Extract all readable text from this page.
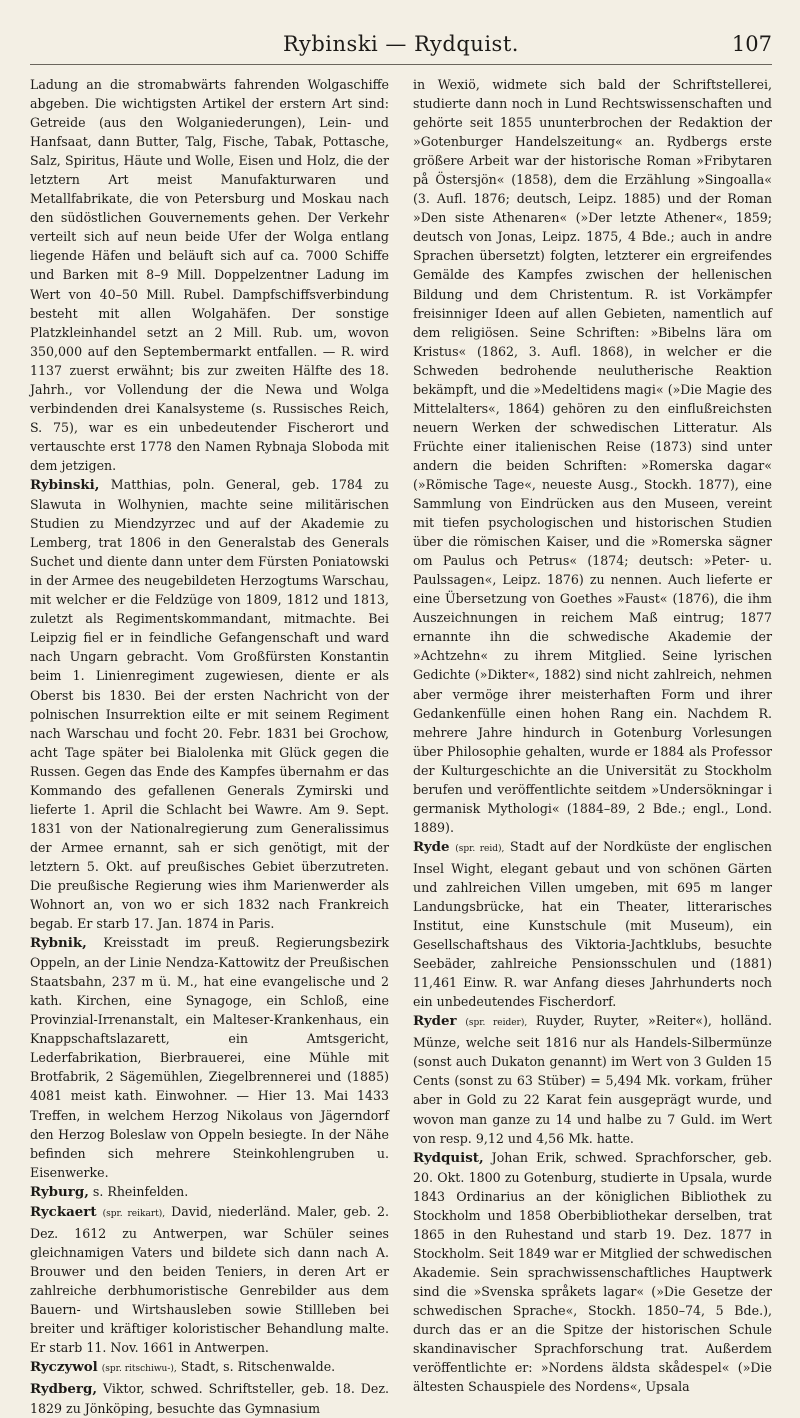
Rybinski — Rydquist.	107

Ladung an die stromabwärts fahrenden Wolgaschiffe abgeben. Die wichtigsten Artikel der erstern Art sind: Getreide (aus den Wolganiederungen), Lein- und Hanfsaat, dann Butter, Talg, Fische, Tabak, Pottasche, Salz, Spiritus, Häute und Wolle, Eisen und Holz, die der letztern Art meist Manufakturwaren und Metallfabrikate, die von Petersburg und Moskau nach den südöstlichen Gouvernements gehen. Der Verkehr verteilt sich auf neun beide Ufer der Wolga entlang liegende Häfen und beläuft sich auf ca. 7000 Schiffe und Barken mit 8–9 Mill. Doppelzentner Ladung im Wert von 40–50 Mill. Rubel. Dampfschiffsverbindung besteht mit allen Wolgahäfen. Der sonstige Platzkleinhandel setzt an 2 Mill. Rub. um, wovon 350,000 auf den Septembermarkt entfallen. — R. wird 1137 zuerst erwähnt; bis zur zweiten Hälfte des 18. Jahrh., vor Vollendung der die Newa und Wolga verbindenden drei Kanalsysteme (s. Russisches Reich, S. 75), war es ein unbedeutender Fischerort und vertauschte erst 1778 den Namen Rybnaja Sloboda mit dem jetzigen.

Rybinski, Matthias, poln. General, geb. 1784 zu Slawuta in Wolhynien, machte seine militärischen Studien zu Miendzyrzec und auf der Akademie zu Lemberg, trat 1806 in den Generalstab des Generals Suchet und diente dann unter dem Fürsten Poniatowski in der Armee des neugebildeten Herzogtums Warschau, mit welcher er die Feldzüge von 1809, 1812 und 1813, zuletzt als Regimentskommandant, mitmachte. Bei Leipzig fiel er in feindliche Gefangenschaft und ward nach Ungarn gebracht. Vom Großfürsten Konstantin beim 1. Linienregiment zugewiesen, diente er als Oberst bis 1830. Bei der ersten Nachricht von der polnischen Insurrektion eilte er mit seinem Regiment nach Warschau und focht 20. Febr. 1831 bei Grochow, acht Tage später bei Bialolenka mit Glück gegen die Russen. Gegen das Ende des Kampfes übernahm er das Kommando des gefallenen Generals Zymirski und lieferte 1. April die Schlacht bei Wawre. Am 9. Sept. 1831 von der Nationalregierung zum Generalissimus der Armee ernannt, sah er sich genötigt, mit der letztern 5. Okt. auf preußisches Gebiet überzutreten. Die preußische Regierung wies ihm Marienwerder als Wohnort an, von wo er sich 1832 nach Frankreich begab. Er starb 17. Jan. 1874 in Paris.

Rybnik, Kreisstadt im preuß. Regierungsbezirk Oppeln, an der Linie Nendza-Kattowitz der Preußischen Staatsbahn, 237 m ü. M., hat eine evangelische und 2 kath. Kirchen, eine Synagoge, ein Schloß, eine Provinzial-Irrenanstalt, ein Malteser-Krankenhaus, ein Knappschaftslazarett, ein Amtsgericht, Lederfabrikation, Bierbrauerei, eine Mühle mit Brotfabrik, 2 Sägemühlen, Ziegelbrennerei und (1885) 4081 meist kath. Einwohner. — Hier 13. Mai 1433 Treffen, in welchem Herzog Nikolaus von Jägerndorf den Herzog Boleslaw von Oppeln besiegte. In der Nähe befinden sich mehrere Steinkohlengruben u. Eisenwerke.

Ryburg, s. Rheinfelden.

Ryckaert (spr. reikart), David, niederländ. Maler, geb. 2. Dez. 1612 zu Antwerpen, war Schüler seines gleichnamigen Vaters und bildete sich dann nach A. Brouwer und den beiden Teniers, in deren Art er zahlreiche derbhumoristische Genrebilder aus dem Bauern- und Wirtshausleben sowie Stillleben bei breiter und kräftiger koloristischer Behandlung malte. Er starb 11. Nov. 1661 in Antwerpen.

Ryczywol (spr. ritschiwu-), Stadt, s. Ritschenwalde.

Rydberg, Viktor, schwed. Schriftsteller, geb. 18. Dez. 1829 zu Jönköping, besuchte das Gymnasium

in Wexiö, widmete sich bald der Schriftstellerei, studierte dann noch in Lund Rechtswissenschaften und gehörte seit 1855 ununterbrochen der Redaktion der »Gotenburger Handelszeitung« an. Rydbergs erste größere Arbeit war der historische Roman »Fribytaren på Östersjön« (1858), dem die Erzählung »Singoalla« (3. Aufl. 1876; deutsch, Leipz. 1885) und der Roman »Den siste Athenaren« (»Der letzte Athener«, 1859; deutsch von Jonas, Leipz. 1875, 4 Bde.; auch in andre Sprachen übersetzt) folgten, letzterer ein ergreifendes Gemälde des Kampfes zwischen der hellenischen Bildung und dem Christentum. R. ist Vorkämpfer freisinniger Ideen auf allen Gebieten, namentlich auf dem religiösen. Seine Schriften: »Bibelns lära om Kristus« (1862, 3. Aufl. 1868), in welcher er die Schweden bedrohende neulutherische Reaktion bekämpft, und die »Medeltidens magi« (»Die Magie des Mittelalters«, 1864) gehören zu den einflußreichsten neuern Werken der schwedischen Litteratur. Als Früchte einer italienischen Reise (1873) sind unter andern die beiden Schriften: »Romerska dagar« (»Römische Tage«, neueste Ausg., Stockh. 1877), eine Sammlung von Eindrücken aus den Museen, vereint mit tiefen psychologischen und historischen Studien über die römischen Kaiser, und die »Romerska sägner om Paulus och Petrus« (1874; deutsch: »Peter- u. Paulssagen«, Leipz. 1876) zu nennen. Auch lieferte er eine Übersetzung von Goethes »Faust« (1876), die ihm Auszeichnungen in reichem Maß eintrug; 1877 ernannte ihn die schwedische Akademie der »Achtzehn« zu ihrem Mitglied. Seine lyrischen Gedichte (»Dikter«, 1882) sind nicht zahlreich, nehmen aber vermöge ihrer meisterhaften Form und ihrer Gedankenfülle einen hohen Rang ein. Nachdem R. mehrere Jahre hindurch in Gotenburg Vorlesungen über Philosophie gehalten, wurde er 1884 als Professor der Kulturgeschichte an die Universität zu Stockholm berufen und veröffentlichte seitdem »Undersökningar i germanisk Mythologi« (1884–89, 2 Bde.; engl., Lond. 1889).

Ryde (spr. reid), Stadt auf der Nordküste der englischen Insel Wight, elegant gebaut und von schönen Gärten und zahlreichen Villen umgeben, mit 695 m langer Landungsbrücke, hat ein Theater, litterarisches Institut, eine Kunstschule (mit Museum), ein Gesellschaftshaus des Viktoria-Jachtklubs, besuchte Seebäder, zahlreiche Pensionsschulen und (1881) 11,461 Einw. R. war Anfang dieses Jahrhunderts noch ein unbedeutendes Fischerdorf.

Ryder (spr. reider), Ruyder, Ruyter, »Reiter«), holländ. Münze, welche seit 1816 nur als Handels-Silbermünze (sonst auch Dukaton genannt) im Wert von 3 Gulden 15 Cents (sonst zu 63 Stüber) = 5,494 Mk. vorkam, früher aber in Gold zu 22 Karat fein ausgeprägt wurde, und wovon man ganze zu 14 und halbe zu 7 Guld. im Wert von resp. 9,12 und 4,56 Mk. hatte.

Rydquist, Johan Erik, schwed. Sprachforscher, geb. 20. Okt. 1800 zu Gotenburg, studierte in Upsala, wurde 1843 Ordinarius an der königlichen Bibliothek zu Stockholm und 1858 Oberbibliothekar derselben, trat 1865 in den Ruhestand und starb 19. Dez. 1877 in Stockholm. Seit 1849 war er Mitglied der schwedischen Akademie. Sein sprachwissenschaftliches Hauptwerk sind die »Svenska språkets lagar« (»Die Gesetze der schwedischen Sprache«, Stockh. 1850–74, 5 Bde.), durch das er an die Spitze der historischen Schule skandinavischer Sprachforschung trat. Außerdem veröffentlichte er: »Nordens äldsta skådespel« (»Die ältesten Schauspiele des Nordens«, Upsala
